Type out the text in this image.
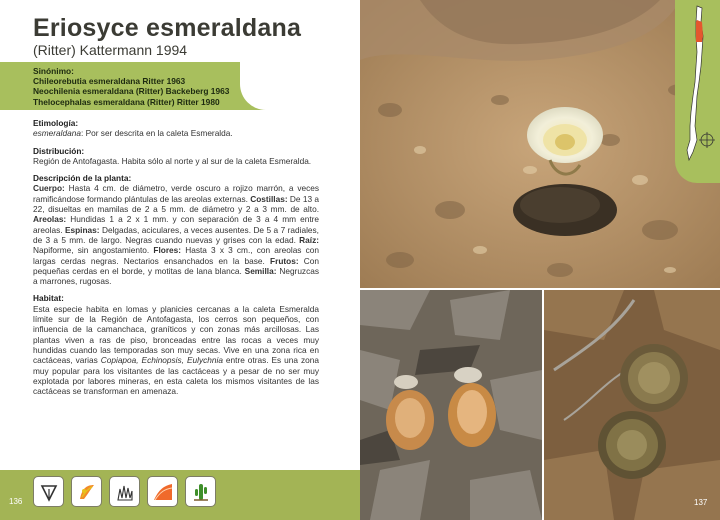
Eriosyce esmeraldana
(Ritter) Kattermann 1994
Sinónimo:
Chileorebutia esmeraldana Ritter 1963
Neochilenia esmeraldana (Ritter) Backeberg 1963
Thelocephalas esmeraldana (Ritter) Ritter 1980
Etimología:

esmeraldana: Por ser descrita en la caleta Esmeralda.

Distribución:

Región de Antofagasta. Habita sólo al norte y al sur de la caleta Esmeralda.

Descripción de la planta:

Cuerpo: Hasta 4 cm. de diámetro, verde oscuro a rojizo marrón, a veces ramificándose formando plántulas de las areolas externas. Costillas: De 13 a 22, disueltas en mamilas de 2 a 5 mm. de diámetro y 2 a 3 mm. de alto. Areolas: Hundidas 1 a 2 x 1 mm. y con separación de 3 a 4 mm entre areolas. Espinas: Delgadas, aciculares, a veces ausentes. De 5 a 7 radiales, de 3 a 5 mm. de largo. Negras cuando nuevas y grises con la edad. Raíz: Napiforme, sin angostamiento. Flores: Hasta 3 x 3 cm., con areolas con largas cerdas negras. Nectarios ensanchados en la base. Frutos: Con pequeñas cerdas en el borde, y motitas de lana blanca. Semilla: Negruzcas a marrones, rugosas.

Habitat:

Esta especie habita en lomas y planicies cercanas a la caleta Esmeralda límite sur de la Región de Antofagasta, los cerros son pequeños, con influencia de la camanchaca, graníticos y con zonas más arcillosas. Las plantas viven a ras de piso, bronceadas entre las rocas a veces muy hundidas cuando las temporadas son muy secas. Vive en una zona rica en cactáceas, varias Copiapoa, Echinopsis, Eulychnia entre otras. Es una zona muy popular para los visitantes de las cactáceas y a pesar de no ser muy explotada por labores mineras, en esta caleta los mismos visitantes de las cactáceas se transforman en amenaza.

136	137
